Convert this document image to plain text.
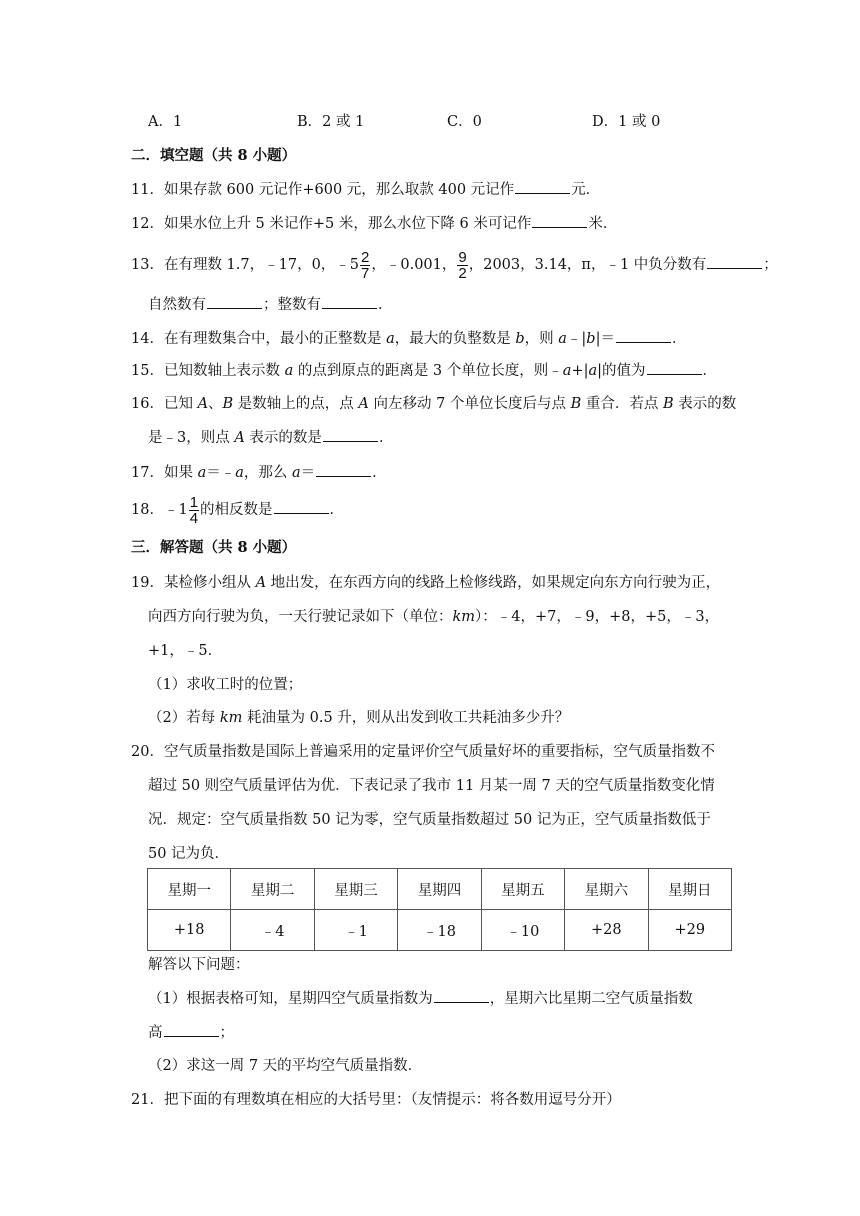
A．1	B．2 或 1	C．0	D．1 或 0
二．填空题（共 8 小题）
11．如果存款 600 元记作+600 元，那么取款 400 元记作	元．
12．如果水位上升 5 米记作+5 米，那么水位下降 6 米可记作	米．
13．在有理数 1.7，﹣17，0，﹣5 $\frac{2}{7}$ ，﹣0.001， $\frac{9}{2}$ ，2003，3.14，π，﹣1 中负分数有	；
自然数有	；整数有	．
14．在有理数集合中，最小的正整数是 a，最大的负整数是 b，则 a﹣|b|＝	．
15．已知数轴上表示数 a 的点到原点的距离是 3 个单位长度，则﹣a+|a|的值为	．
16．已知 A、B 是数轴上的点，点 A 向左移动 7 个单位长度后与点 B 重合．若点 B 表示的数
是﹣3，则点 A 表示的数是	．
17．如果 a＝﹣a，那么 a＝	．
18．﹣1 $\frac{1}{4}$ 的相反数是	．
三．解答题（共 8 小题）
19．某检修小组从 A 地出发，在东西方向的线路上检修线路，如果规定向东方向行驶为正，
向西方向行驶为负，一天行驶记录如下（单位：km）：﹣4，+7，﹣9，+8，+5，﹣3，
+1，﹣5．
（1）求收工时的位置；
（2）若每 km 耗油量为 0.5 升，则从出发到收工共耗油多少升？
20．空气质量指数是国际上普遍采用的定量评价空气质量好坏的重要指标，空气质量指数不
超过 50 则空气质量评估为优．下表记录了我市 11 月某一周 7 天的空气质量指数变化情
况．规定：空气质量指数 50 记为零，空气质量指数超过 50 记为正，空气质量指数低于
50 记为负．
星期一	星期二	星期三	星期四	星期五	星期六	星期日
+18	﹣4	﹣1	﹣18	﹣10	+28	+29
解答以下问题：
（1）根据表格可知，星期四空气质量指数为	，星期六比星期二空气质量指数
高	；
（2）求这一周 7 天的平均空气质量指数．
21．把下面的有理数填在相应的大括号里：（友情提示：将各数用逗号分开）
